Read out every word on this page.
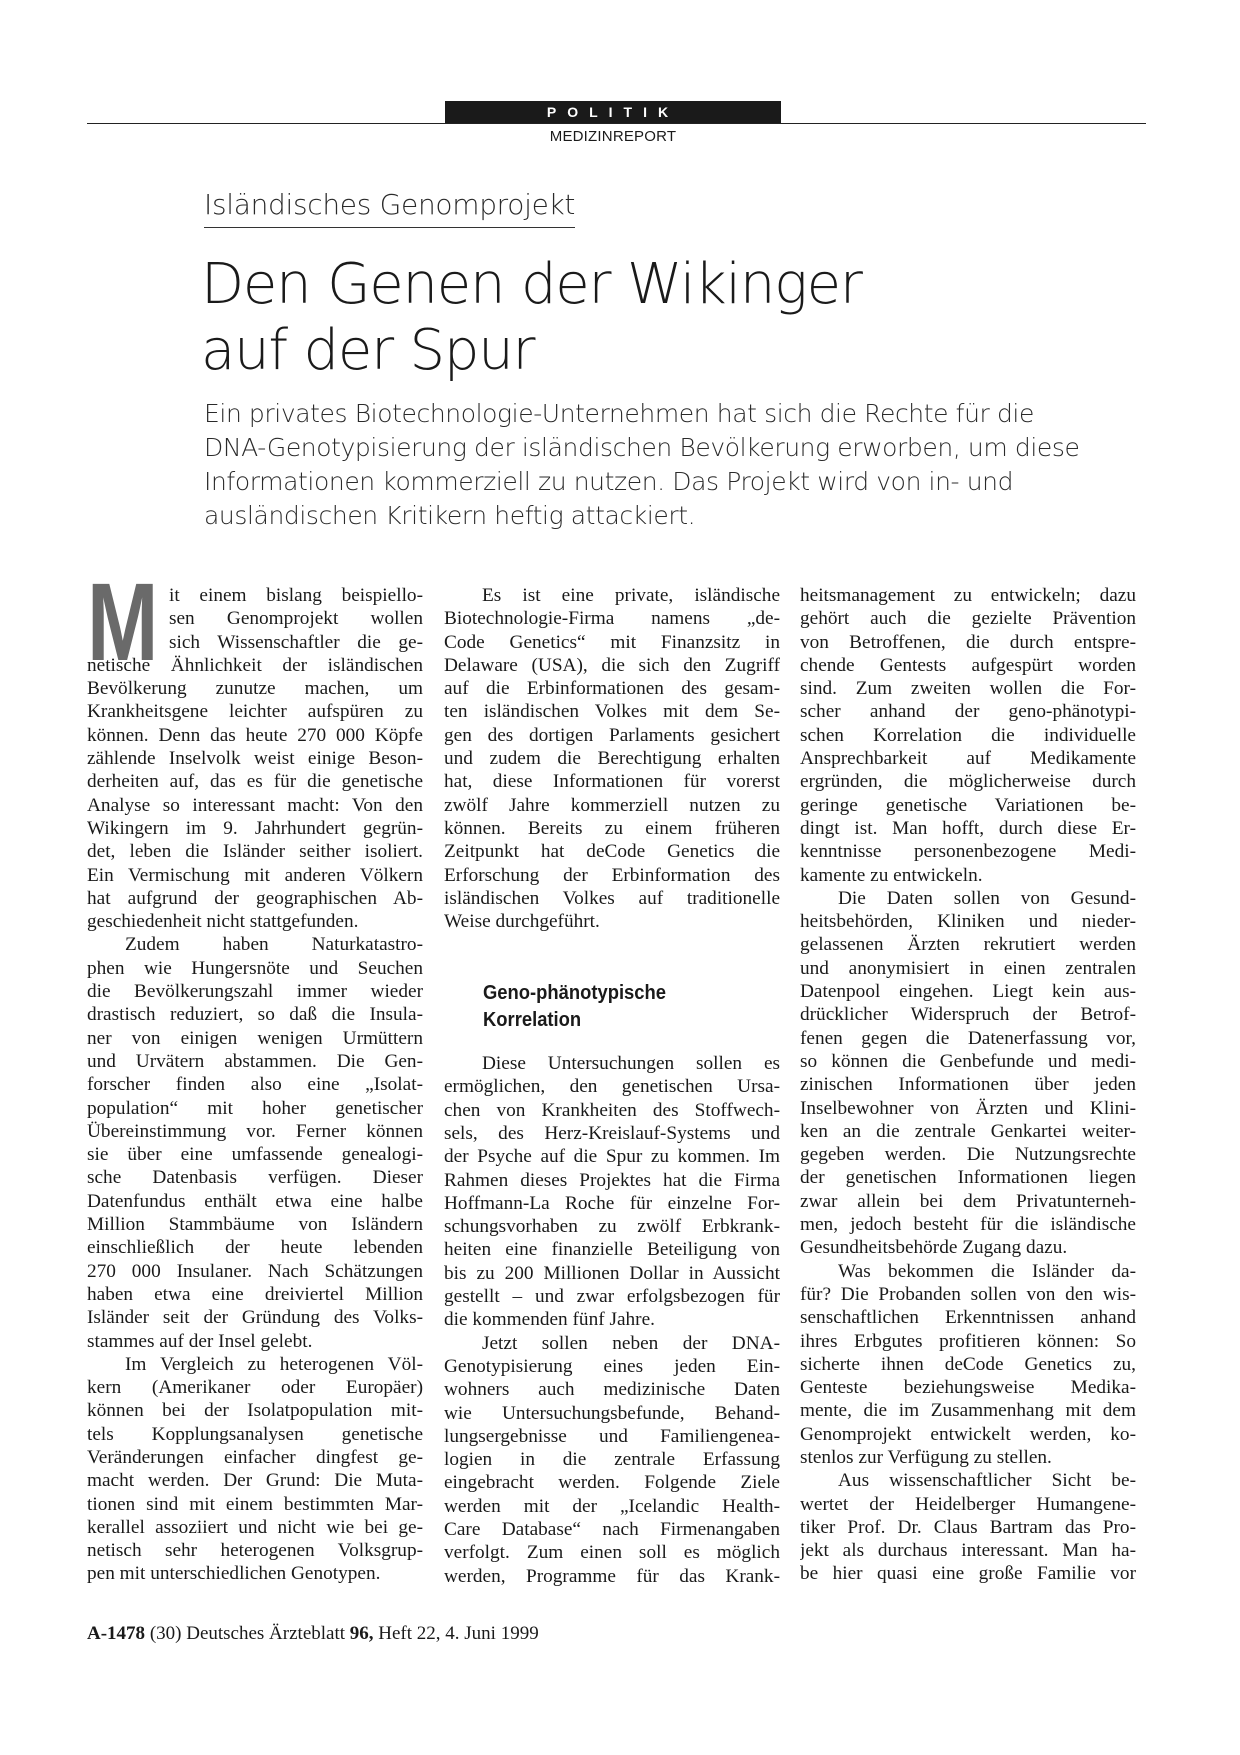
POLITIK
MEDIZINREPORT
Isländisches Genomprojekt
Den Genen der Wikinger
auf der Spur
Ein privates Biotechnologie-Unternehmen hat sich die Rechte für die
DNA-Genotypisierung der isländischen Bevölkerung erworben, um diese
Informationen kommerziell zu nutzen. Das Projekt wird von in- und
ausländischen Kritikern heftig attackiert.
M it einem bislang beispiello-
sen Genomprojekt wollen
sich Wissenschaftler die ge-
netische Ähnlichkeit der isländischen
Bevölkerung zunutze machen, um
Krankheitsgene leichter aufspüren zu
können. Denn das heute 270 000 Köpfe
zählende Inselvolk weist einige Beson-
derheiten auf, das es für die genetische
Analyse so interessant macht: Von den
Wikingern im 9. Jahrhundert gegrün-
det, leben die Isländer seither isoliert.
Ein Vermischung mit anderen Völkern
hat aufgrund der geographischen Ab-
geschiedenheit nicht stattgefunden.
Zudem haben Naturkatastro-
phen wie Hungersnöte und Seuchen
die Bevölkerungszahl immer wieder
drastisch reduziert, so daß die Insula-
ner von einigen wenigen Urmüttern
und Urvätern abstammen. Die Gen-
forscher finden also eine „Isolat-
population“ mit hoher genetischer
Übereinstimmung vor. Ferner können
sie über eine umfassende genealogi-
sche Datenbasis verfügen. Dieser
Datenfundus enthält etwa eine halbe
Million Stammbäume von Isländern
einschließlich der heute lebenden
270 000 Insulaner. Nach Schätzungen
haben etwa eine dreiviertel Million
Isländer seit der Gründung des Volks-
stammes auf der Insel gelebt.
Im Vergleich zu heterogenen Völ-
kern (Amerikaner oder Europäer)
können bei der Isolatpopulation mit-
tels Kopplungsanalysen genetische
Veränderungen einfacher dingfest ge-
macht werden. Der Grund: Die Muta-
tionen sind mit einem bestimmten Mar-
kerallel assoziiert und nicht wie bei ge-
netisch sehr heterogenen Volksgrup-
pen mit unterschiedlichen Genotypen.
Es ist eine private, isländische
Biotechnologie-Firma namens „de-
Code Genetics“ mit Finanzsitz in
Delaware (USA), die sich den Zugriff
auf die Erbinformationen des gesam-
ten isländischen Volkes mit dem Se-
gen des dortigen Parlaments gesichert
und zudem die Berechtigung erhalten
hat, diese Informationen für vorerst
zwölf Jahre kommerziell nutzen zu
können. Bereits zu einem früheren
Zeitpunkt hat deCode Genetics die
Erforschung der Erbinformation des
isländischen Volkes auf traditionelle
Weise durchgeführt.
Geno-phänotypische
Korrelation
Diese Untersuchungen sollen es
ermöglichen, den genetischen Ursa-
chen von Krankheiten des Stoffwech-
sels, des Herz-Kreislauf-Systems und
der Psyche auf die Spur zu kommen. Im
Rahmen dieses Projektes hat die Firma
Hoffmann-La Roche für einzelne For-
schungsvorhaben zu zwölf Erbkrank-
heiten eine finanzielle Beteiligung von
bis zu 200 Millionen Dollar in Aussicht
gestellt – und zwar erfolgsbezogen für
die kommenden fünf Jahre.
Jetzt sollen neben der DNA-
Genotypisierung eines jeden Ein-
wohners auch medizinische Daten
wie Untersuchungsbefunde, Behand-
lungsergebnisse und Familiengenea-
logien in die zentrale Erfassung
eingebracht werden. Folgende Ziele
werden mit der „Icelandic Health-
Care Database“ nach Firmenangaben
verfolgt. Zum einen soll es möglich
werden, Programme für das Krank-
heitsmanagement zu entwickeln; dazu
gehört auch die gezielte Prävention
von Betroffenen, die durch entspre-
chende Gentests aufgespürt worden
sind. Zum zweiten wollen die For-
scher anhand der geno-phänotypi-
schen Korrelation die individuelle
Ansprechbarkeit auf Medikamente
ergründen, die möglicherweise durch
geringe genetische Variationen be-
dingt ist. Man hofft, durch diese Er-
kenntnisse personenbezogene Medi-
kamente zu entwickeln.
Die Daten sollen von Gesund-
heitsbehörden, Kliniken und nieder-
gelassenen Ärzten rekrutiert werden
und anonymisiert in einen zentralen
Datenpool eingehen. Liegt kein aus-
drücklicher Widerspruch der Betrof-
fenen gegen die Datenerfassung vor,
so können die Genbefunde und medi-
zinischen Informationen über jeden
Inselbewohner von Ärzten und Klini-
ken an die zentrale Genkartei weiter-
gegeben werden. Die Nutzungsrechte
der genetischen Informationen liegen
zwar allein bei dem Privatunterneh-
men, jedoch besteht für die isländische
Gesundheitsbehörde Zugang dazu.
Was bekommen die Isländer da-
für? Die Probanden sollen von den wis-
senschaftlichen Erkenntnissen anhand
ihres Erbgutes profitieren können: So
sicherte ihnen deCode Genetics zu,
Genteste beziehungsweise Medika-
mente, die im Zusammenhang mit dem
Genomprojekt entwickelt werden, ko-
stenlos zur Verfügung zu stellen.
Aus wissenschaftlicher Sicht be-
wertet der Heidelberger Humangene-
tiker Prof. Dr. Claus Bartram das Pro-
jekt als durchaus interessant. Man ha-
be hier quasi eine große Familie vor
A-1478 (30) Deutsches Ärzteblatt 96, Heft 22, 4. Juni 1999
